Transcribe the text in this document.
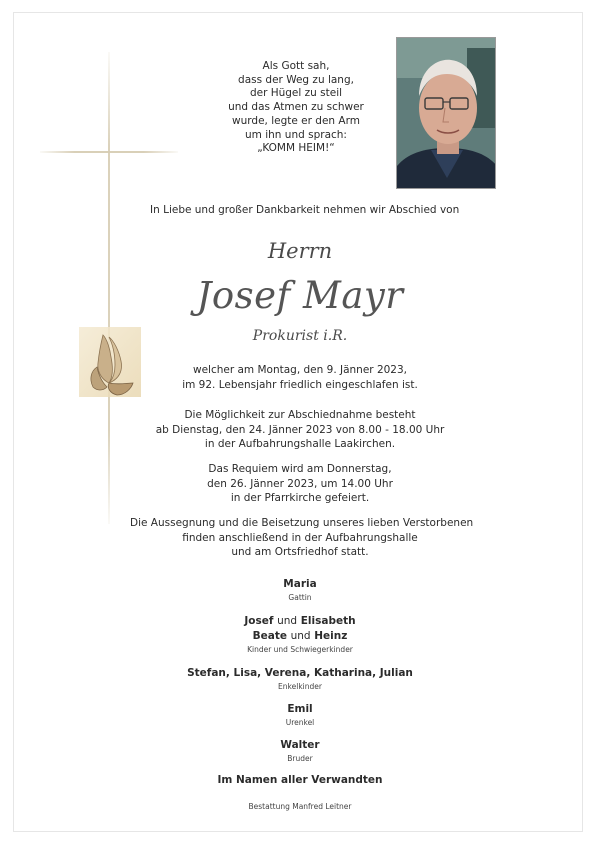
Als Gott sah,
dass der Weg zu lang,
der Hügel zu steil
und das Atmen zu schwer
wurde, legte er den Arm
um ihn und sprach:
„KOMM HEIM!“
In Liebe und großer Dankbarkeit nehmen wir Abschied von
Herrn
Josef Mayr
Prokurist i.R.
welcher am Montag, den 9. Jänner 2023,
im 92. Lebensjahr friedlich eingeschlafen ist.
Die Möglichkeit zur Abschiednahme besteht
ab Dienstag, den 24. Jänner 2023 von 8.00 - 18.00 Uhr
in der Aufbahrungshalle Laakirchen.
Das Requiem wird am Donnerstag,
den 26. Jänner 2023, um 14.00 Uhr
in der Pfarrkirche gefeiert.
Die Aussegnung und die Beisetzung unseres lieben Verstorbenen
finden anschließend in der Aufbahrungshalle
und am Ortsfriedhof statt.
Maria
Gattin
Josef und Elisabeth
Beate und Heinz
Kinder und Schwiegerkinder
Stefan, Lisa, Verena, Katharina, Julian
Enkelkinder
Emil
Urenkel
Walter
Bruder
Im Namen aller Verwandten
Bestattung Manfred Leitner
